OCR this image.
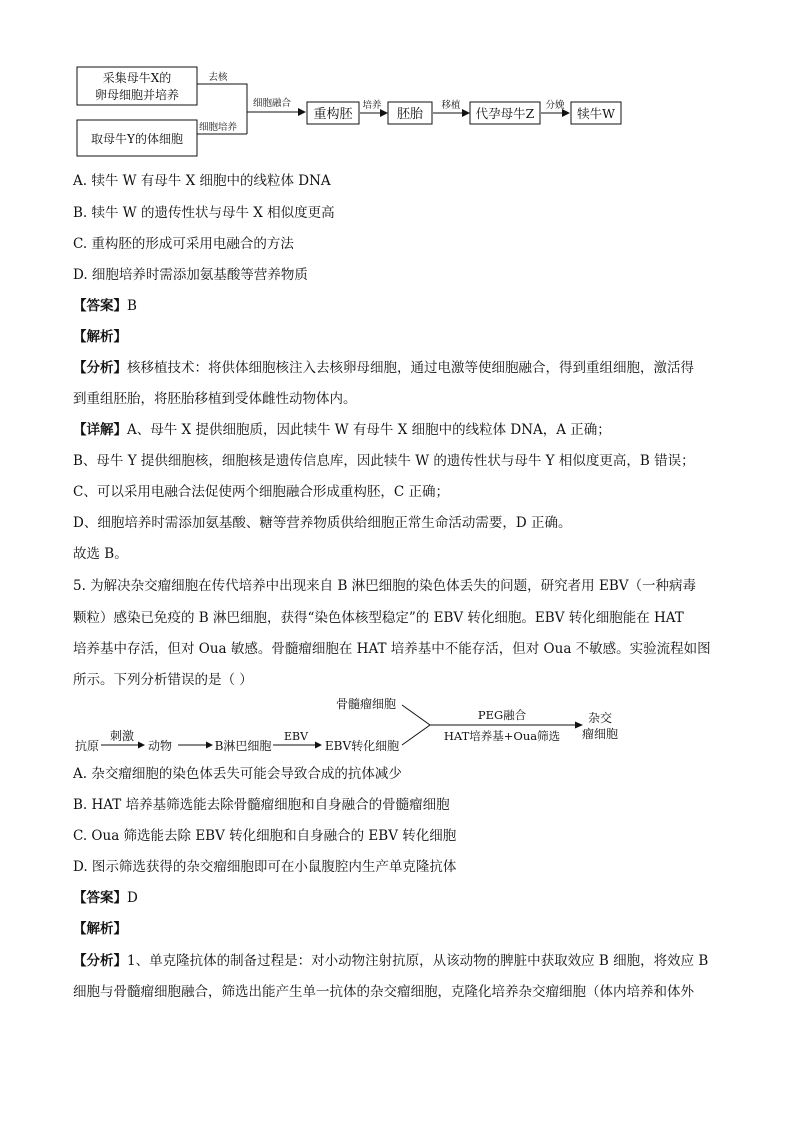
采集母牛X的
卵母细胞并培养
取母牛Y的体细胞
去核
细胞培养
细胞融合
重构胚
培养
胚胎
移植
代孕母牛Z
分娩
犊牛W
A. 犊牛 W 有母牛 X 细胞中的线粒体 DNA
B. 犊牛 W 的遗传性状与母牛 X 相似度更高
C. 重构胚的形成可采用电融合的方法
D. 细胞培养时需添加氨基酸等营养物质
【答案】B
【解析】
【分析】核移植技术：将供体细胞核注入去核卵母细胞，通过电激等使细胞融合，得到重组细胞，激活得
到重组胚胎，将胚胎移植到受体雌性动物体内。
【详解】A、母牛 X 提供细胞质，因此犊牛 W 有母牛 X 细胞中的线粒体 DNA，A 正确；
B、母牛 Y 提供细胞核，细胞核是遗传信息库，因此犊牛 W 的遗传性状与母牛 Y 相似度更高，B 错误；
C、可以采用电融合法促使两个细胞融合形成重构胚，C 正确；
D、细胞培养时需添加氨基酸、糖等营养物质供给细胞正常生命活动需要，D 正确。
故选 B。
5. 为解决杂交瘤细胞在传代培养中出现来自 B 淋巴细胞的染色体丢失的问题，研究者用 EBV（一种病毒
颗粒）感染已免疫的 B 淋巴细胞，获得“染色体核型稳定”的 EBV 转化细胞。EBV 转化细胞能在 HAT
培养基中存活，但对 Oua 敏感。骨髓瘤细胞在 HAT 培养基中不能存活，但对 Oua 不敏感。实验流程如图
所示。下列分析错误的是（ ）
骨髓瘤细胞
抗原
刺激
动物	B淋巴细胞
EBV
EBV转化细胞
PEG融合
HAT培养基+Oua筛选
杂交
瘤细胞
A. 杂交瘤细胞的染色体丢失可能会导致合成的抗体减少
B. HAT 培养基筛选能去除骨髓瘤细胞和自身融合的骨髓瘤细胞
C. Oua 筛选能去除 EBV 转化细胞和自身融合的 EBV 转化细胞
D. 图示筛选获得的杂交瘤细胞即可在小鼠腹腔内生产单克隆抗体
【答案】D
【解析】
【分析】1、单克隆抗体的制备过程是：对小动物注射抗原，从该动物的脾脏中获取效应 B 细胞，将效应 B
细胞与骨髓瘤细胞融合，筛选出能产生单一抗体的杂交瘤细胞，克隆化培养杂交瘤细胞（体内培养和体外
